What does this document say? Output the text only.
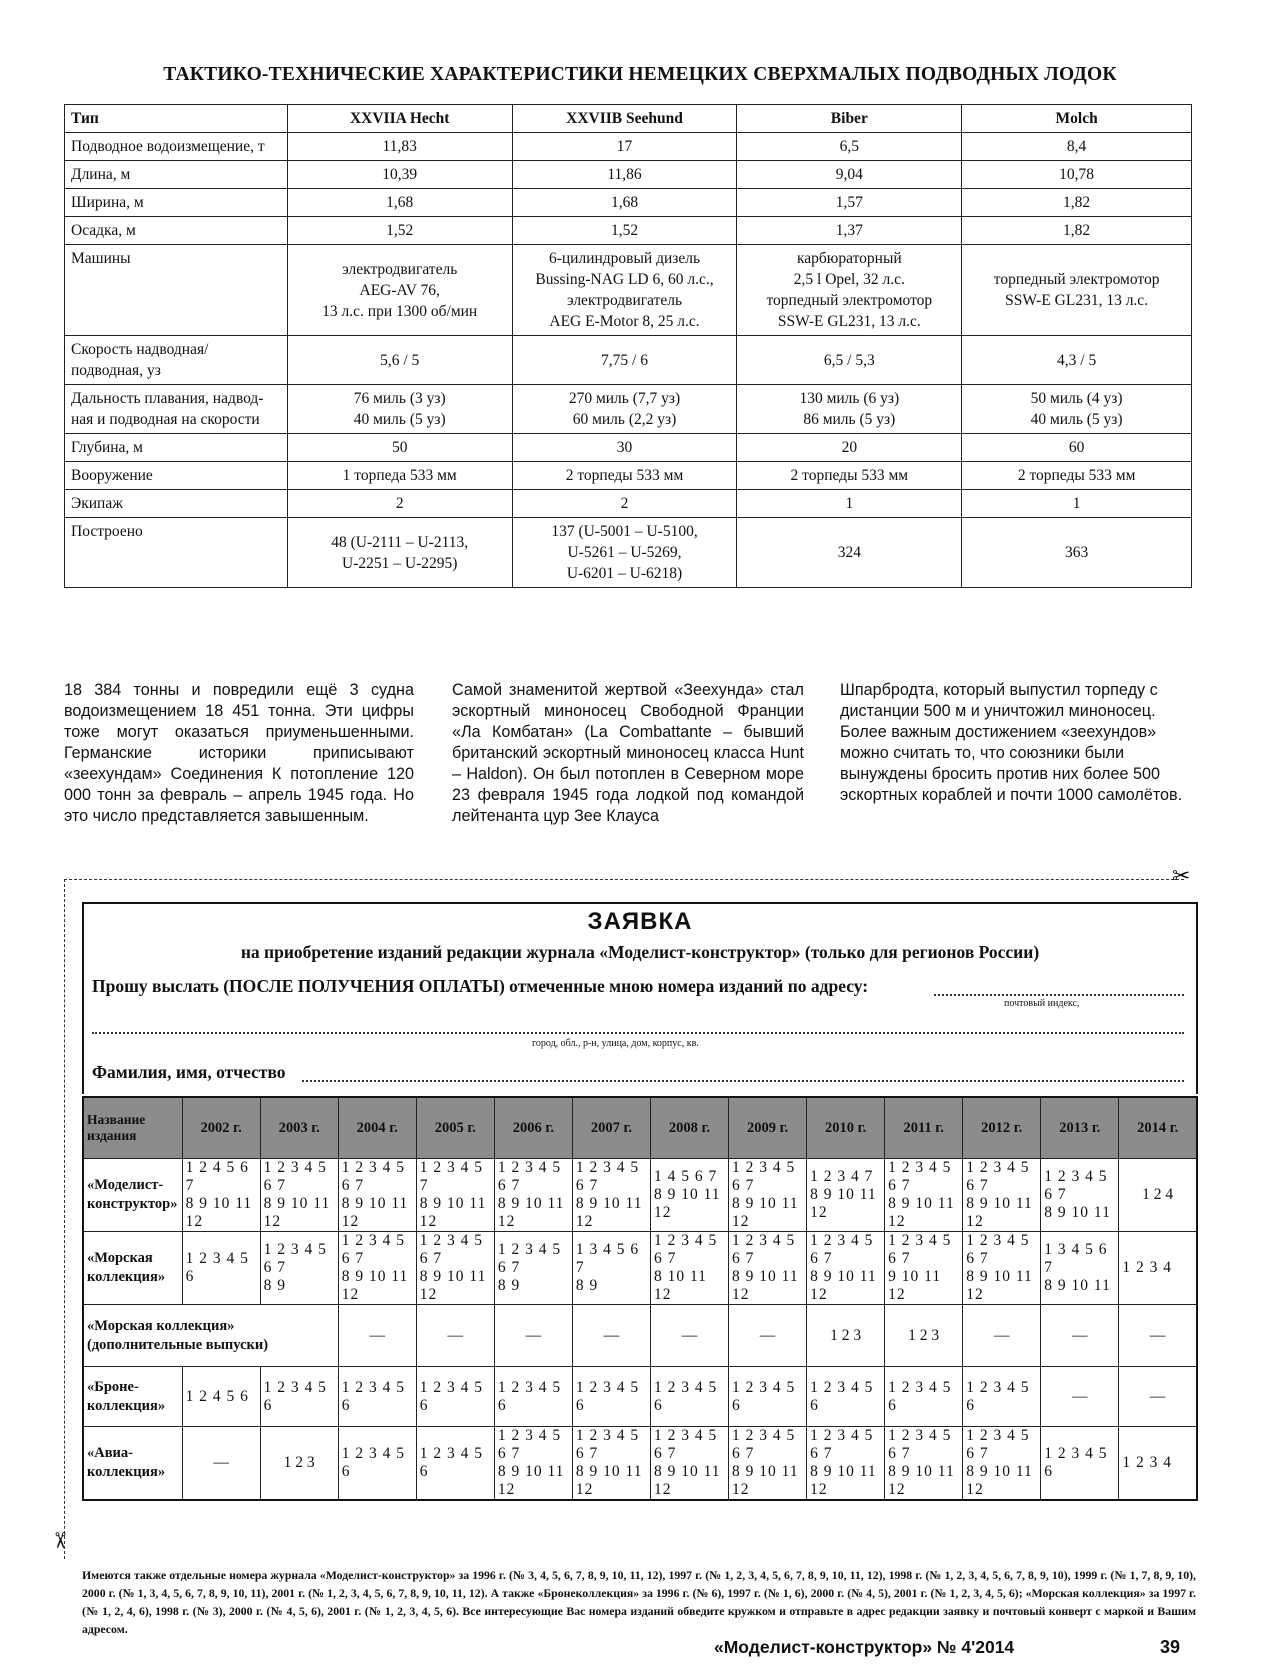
ТАКТИКО-ТЕХНИЧЕСКИЕ ХАРАКТЕРИСТИКИ НЕМЕЦКИХ СВЕРХМАЛЫХ ПОДВОДНЫХ ЛОДОК
Тип	XXVIIA Hecht	XXVIIB Seehund	Biber	Molch
Подводное водоизмещение, т	11,83	17	6,5	8,4
Длина, м	10,39	11,86	9,04	10,78
Ширина, м	1,68	1,68	1,57	1,82
Осадка, м	1,52	1,52	1,37	1,82
Машины	электродвигатель
AEG-AV 76,
13 л.с. при 1300 об/мин	6-цилиндровый дизель
Bussing-NAG LD 6, 60 л.с.,
электродвигатель
AEG E-Motor 8, 25 л.с.	карбюраторный
2,5 l Opel, 32 л.с.
торпедный электромотор
SSW-E GL231, 13 л.с.	торпедный электромотор
SSW-E GL231, 13 л.с.
Скорость надводная/
подводная, уз	5,6 / 5	7,75 / 6	6,5 / 5,3	4,3 / 5
Дальность плавания, надвод-
ная и подводная на скорости	76 миль (3 уз)
40 миль (5 уз)	270 миль (7,7 уз)
60 миль (2,2 уз)	130 миль (6 уз)
86 миль (5 уз)	50 миль (4 уз)
40 миль (5 уз)
Глубина, м	50	30	20	60
Вооружение	1 торпеда 533 мм	2 торпеды 533 мм	2 торпеды 533 мм	2 торпеды 533 мм
Экипаж	2	2	1	1
Построено	48 (U-2111 – U-2113,
U-2251 – U-2295)	137 (U-5001 – U-5100,
U-5261 – U-5269,
U-6201 – U-6218)	324	363
18 384 тонны и повредили ещё 3 судна водоизмещением 18 451 тонна. Эти цифры тоже могут оказаться приуменьшенными. Германские историки приписывают «зеехундам» Соединения К потопление 120 000 тонн за февраль – апрель 1945 года. Но это число представляется завышенным.
Самой знаменитой жертвой «Зеехунда» стал эскортный миноносец Свободной Франции «Ла Комбатан» (La Combattante – бывший британский эскортный миноносец класса Hunt – Haldon). Он был потоплен в Северном море 23 февраля 1945 года лодкой под командой лейтенанта цур Зее Клауса
Шпарбродта, который выпустил торпеду с дистанции 500 м и уничтожил миноносец. Более важным достижением «зеехундов» можно считать то, что союзники были вынуждены бросить против них более 500 эскортных кораблей и почти 1000 самолётов.
✂
✂
ЗАЯВКА
на приобретение изданий редакции журнала «Моделист-конструктор» (только для регионов России)
Прошу выслать (ПОСЛЕ ПОЛУЧЕНИЯ ОПЛАТЫ) отмеченные мною номера изданий по адресу:
почтовый индекс,
город, обл., р-н, улица, дом, корпус, кв.
Фамилия, имя, отчество
Название
издания	2002 г.	2003 г.	2004 г.	2005 г.	2006 г.	2007 г.	2008 г.	2009 г.	2010 г.	2011 г.	2012 г.	2013 г.	2014 г.
«Моделист-
конструктор»	1 2 4 5 6 7
8 9 10 11 12	1 2 3 4 5 6 7
8 9 10 11 12	1 2 3 4 5 6 7
8 9 10 11 12	1 2 3 4 5 7
8 9 10 11 12	1 2 3 4 5 6 7
8 9 10 11 12	1 2 3 4 5 6 7
8 9 10 11 12	1 4 5 6 7
8 9 10 11 12	1 2 3 4 5 6 7
8 9 10 11 12	1 2 3 4 7
8 9 10 11 12	1 2 3 4 5 6 7
8 9 10 11 12	1 2 3 4 5 6 7
8 9 10 11 12	1 2 3 4 5 6 7
8 9 10 11	1 2 4
«Морская
коллекция»	1 2 3 4 5 6	1 2 3 4 5 6 7
8 9	1 2 3 4 5 6 7
8 9 10 11 12	1 2 3 4 5 6 7
8 9 10 11 12	1 2 3 4 5 6 7
8 9	1 3 4 5 6 7
8 9	1 2 3 4 5 6 7
8 10 11 12	1 2 3 4 5 6 7
8 9 10 11 12	1 2 3 4 5 6 7
8 9 10 11 12	1 2 3 4 5 6 7
9 10 11 12	1 2 3 4 5 6 7
8 9 10 11 12	1 3 4 5 6 7
8 9 10 11	1 2 3 4
«Морская коллекция»
(дополнительные выпуски)			—	—	—	—	—	—	1 2 3	1 2 3	—	—	—
«Броне-
коллекция»	1 2 4 5 6	1 2 3 4 5 6	1 2 3 4 5 6	1 2 3 4 5 6	1 2 3 4 5 6	1 2 3 4 5 6	1 2 3 4 5 6	1 2 3 4 5 6	1 2 3 4 5 6	1 2 3 4 5 6	1 2 3 4 5 6	—	—
«Авиа-
коллекция»	—	1 2 3	1 2 3 4 5 6	1 2 3 4 5 6	1 2 3 4 5 6 7
8 9 10 11 12	1 2 3 4 5 6 7
8 9 10 11 12	1 2 3 4 5 6 7
8 9 10 11 12	1 2 3 4 5 6 7
8 9 10 11 12	1 2 3 4 5 6 7
8 9 10 11 12	1 2 3 4 5 6 7
8 9 10 11 12	1 2 3 4 5 6 7
8 9 10 11 12	1 2 3 4 5 6	1 2 3 4
Имеются также отдельные номера журнала «Моделист-конструктор» за 1996 г. (№ 3, 4, 5, 6, 7, 8, 9, 10, 11, 12), 1997 г. (№ 1, 2, 3, 4, 5, 6, 7, 8, 9, 10, 11, 12), 1998 г. (№ 1, 2, 3, 4, 5, 6, 7, 8, 9, 10), 1999 г. (№ 1, 7, 8, 9, 10), 2000 г. (№ 1, 3, 4, 5, 6, 7, 8, 9, 10, 11), 2001 г. (№ 1, 2, 3, 4, 5, 6, 7, 8, 9, 10, 11, 12). А также «Бронеколлекция» за 1996 г. (№ 6), 1997 г. (№ 1, 6), 2000 г. (№ 4, 5), 2001 г. (№ 1, 2, 3, 4, 5, 6); «Морская коллекция» за 1997 г. (№ 1, 2, 4, 6), 1998 г. (№ 3), 2000 г. (№ 4, 5, 6), 2001 г. (№ 1, 2, 3, 4, 5, 6). Все интересующие Вас номера изданий обведите кружком и отправьте в адрес редакции заявку и почтовый конверт с маркой и Вашим адресом.
«Моделист-конструктор» № 4'2014	39
